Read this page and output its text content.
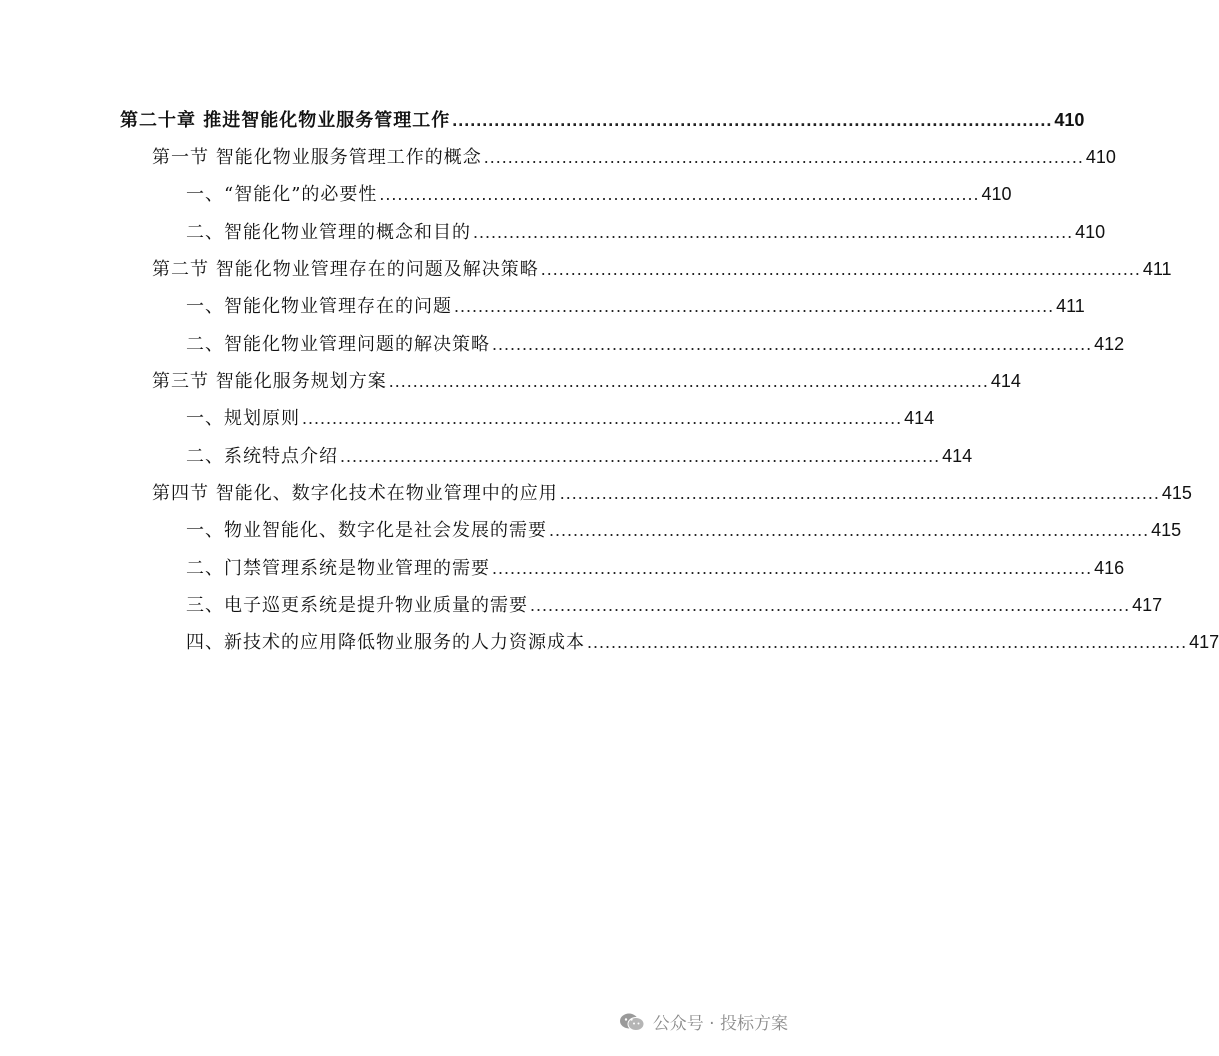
第二十章 推进智能化物业服务管理工作 .................................................................................................... 410
第一节 智能化物业服务管理工作的概念 .................................................................................................... 410
一、“智能化”的必要性 .................................................................................................... 410
二、智能化物业管理的概念和目的 .................................................................................................... 410
第二节 智能化物业管理存在的问题及解决策略 .................................................................................................... 411
一、智能化物业管理存在的问题 .................................................................................................... 411
二、智能化物业管理问题的解决策略 .................................................................................................... 412
第三节 智能化服务规划方案 .................................................................................................... 414
一、规划原则 .................................................................................................... 414
二、系统特点介绍 .................................................................................................... 414
第四节 智能化、数字化技术在物业管理中的应用 .................................................................................................... 415
一、物业智能化、数字化是社会发展的需要 .................................................................................................... 415
二、门禁管理系统是物业管理的需要 .................................................................................................... 416
三、电子巡更系统是提升物业质量的需要 .................................................................................................... 417
四、新技术的应用降低物业服务的人力资源成本 .................................................................................................... 417
公众号 · 投标方案
